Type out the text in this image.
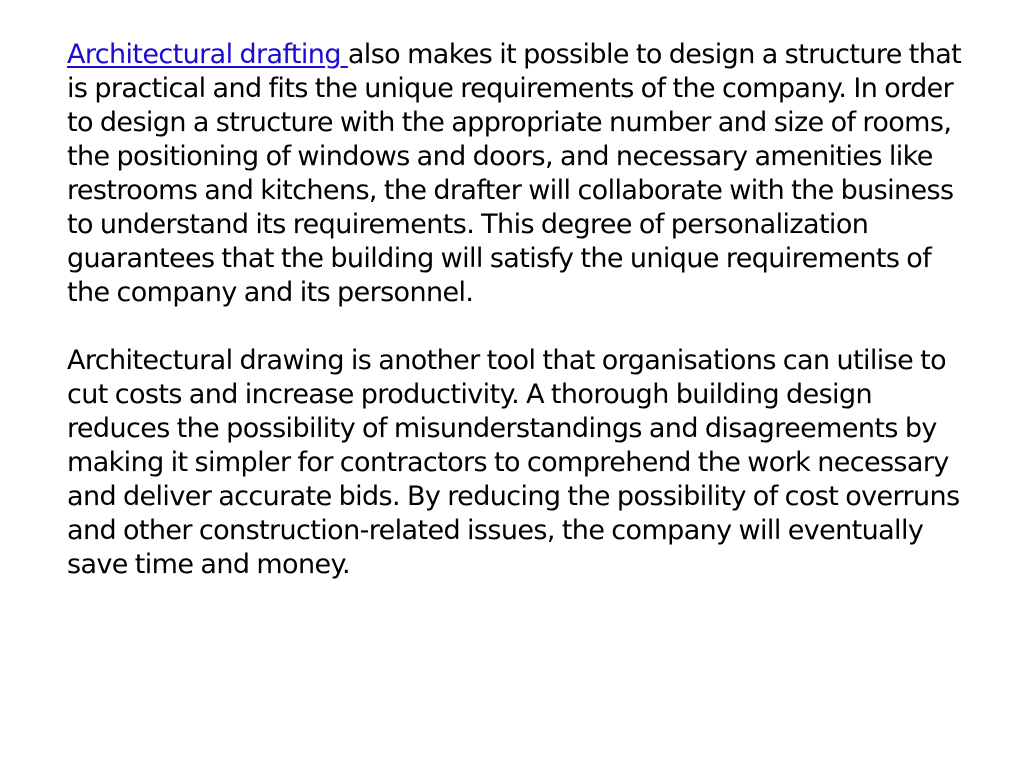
Architectural drafting also makes it possible to design a structure that is practical and fits the unique requirements of the company. In order to design a structure with the appropriate number and size of rooms, the positioning of windows and doors, and necessary amenities like restrooms and kitchens, the drafter will collaborate with the business to understand its requirements. This degree of personalization guarantees that the building will satisfy the unique requirements of the company and its personnel.

Architectural drawing is another tool that organisations can utilise to cut costs and increase productivity. A thorough building design reduces the possibility of misunderstandings and disagreements by making it simpler for contractors to comprehend the work necessary and deliver accurate bids. By reducing the possibility of cost overruns and other construction-related issues, the company will eventually save time and money.
